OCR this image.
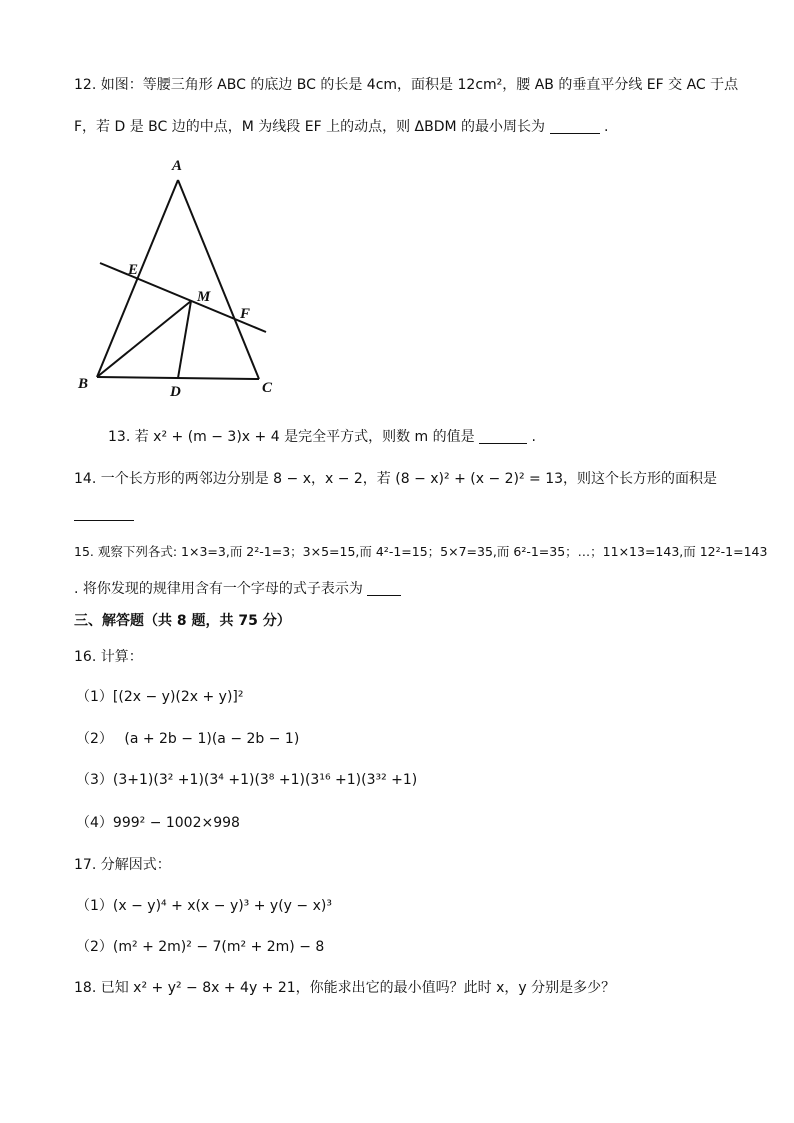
12. 如图：等腰三角形 ABC 的底边 BC 的长是 4cm，面积是 12cm²，腰 AB 的垂直平分线 EF 交 AC 于点
F，若 D 是 BC 边的中点，M 为线段 EF 上的动点，则 ΔBDM 的最小周长为	.
A
E
M
F
B	D	C
13. 若 x² + (m − 3)x + 4 是完全平方式，则数 m 的值是	.
14. 一个长方形的两邻边分别是 8 − x，x − 2，若 (8 − x)² + (x − 2)² = 13，则这个长方形的面积是
15. 观察下列各式: 1×3=3,而 2²-1=3；3×5=15,而 4²-1=15；5×7=35,而 6²-1=35；…；11×13=143,而 12²-1=143
. 将你发现的规律用含有一个字母的式子表示为
三、解答题（共 8 题，共 75 分）
16. 计算：
（1）[(2x − y)(2x + y)]²
（2）　 (a + 2b − 1)(a − 2b − 1)
（3）(3+1)(3² +1)(3⁴ +1)(3⁸ +1)(3¹⁶ +1)(3³² +1)
（4）999² − 1002×998
17. 分解因式：
（1）(x − y)⁴ + x(x − y)³ + y(y − x)³
（2）(m² + 2m)² − 7(m² + 2m) − 8
18. 已知 x² + y² − 8x + 4y + 21，你能求出它的最小值吗？此时 x，y 分别是多少？
